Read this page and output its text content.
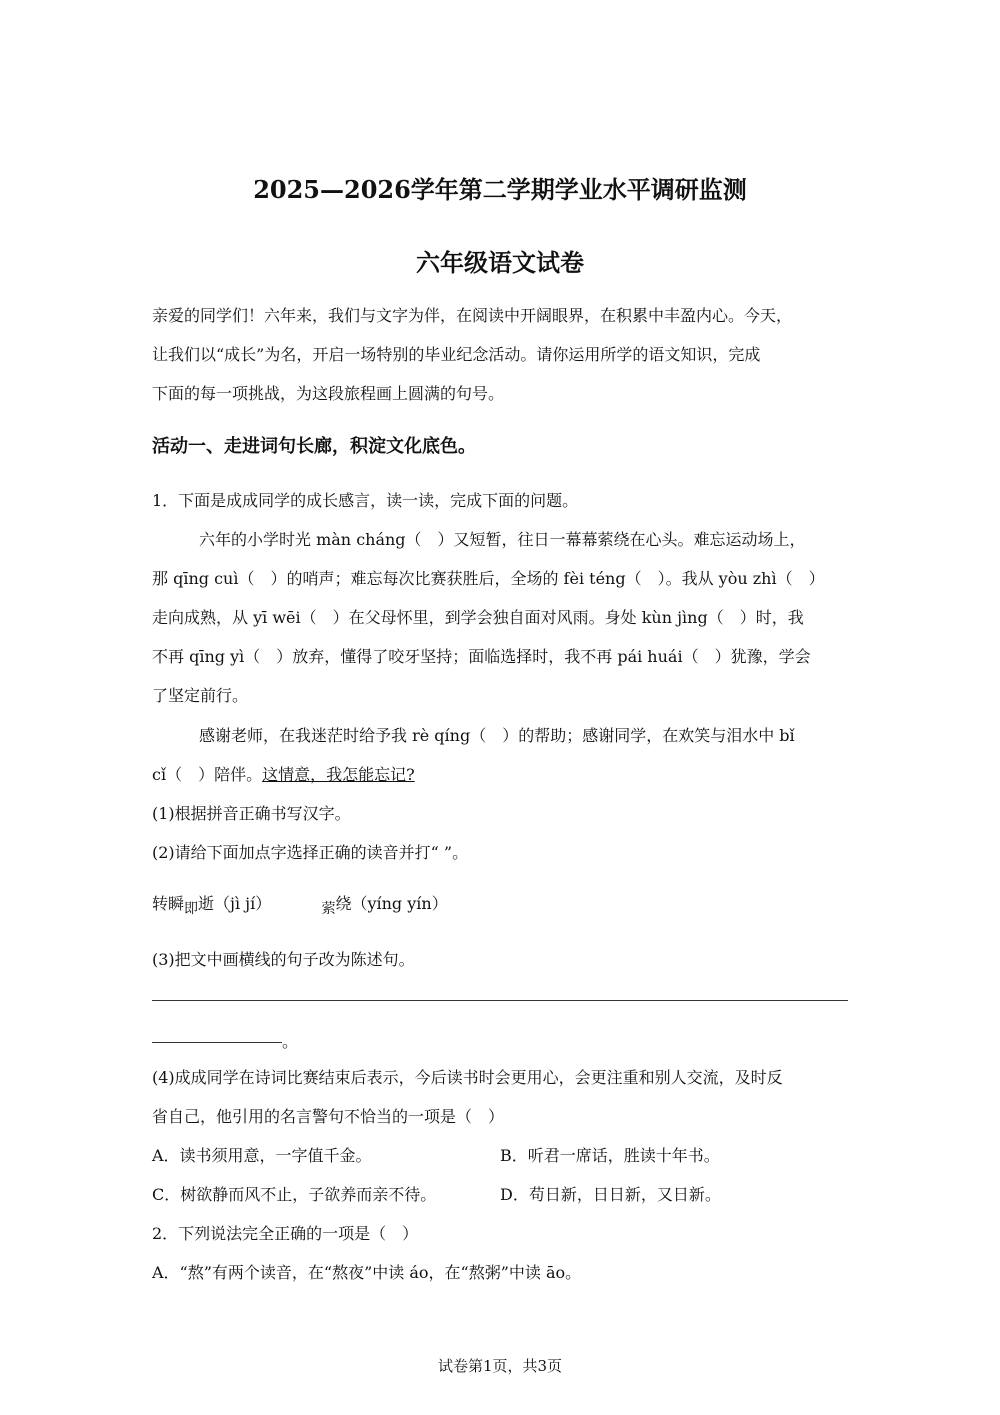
2025—2026学年第二学期学业水平调研监测
六年级语文试卷
亲爱的同学们！六年来，我们与文字为伴，在阅读中开阔眼界，在积累中丰盈内心。今天，
让我们以“成长”为名，开启一场特别的毕业纪念活动。请你运用所学的语文知识，完成
下面的每一项挑战，为这段旅程画上圆满的句号。
活动一、走进词句长廊，积淀文化底色。
1．下面是成成同学的成长感言，读一读，完成下面的问题。
六年的小学时光 màn cháng（　）又短暂，往日一幕幕萦绕在心头。难忘运动场上，
那 qīng cuì（　）的哨声；难忘每次比赛获胜后，全场的 fèi téng（　）。我从 yòu zhì（　）
走向成熟，从 yī wēi（　）在父母怀里，到学会独自面对风雨。身处 kùn jìng（　）时，我
不再 qīng yì（　）放弃，懂得了咬牙坚持；面临选择时，我不再 pái huái（　）犹豫，学会
了坚定前行。
感谢老师，在我迷茫时给予我 rè qíng（　）的帮助；感谢同学，在欢笑与泪水中 bǐ
cǐ（　）陪伴。这情意，我怎能忘记?
(1)根据拼音正确书写汉字。
(2)请给下面加点字选择正确的读音并打“ ”。
转瞬即逝（jì jí）	萦绕（yíng yín）
(3)把文中画横线的句子改为陈述句。
。
(4)成成同学在诗词比赛结束后表示，今后读书时会更用心，会更注重和别人交流，及时反
省自己，他引用的名言警句不恰当的一项是（　）
A．读书须用意，一字值千金。	B．听君一席话，胜读十年书。
C．树欲静而风不止，子欲养而亲不待。	D．苟日新，日日新，又日新。
2．下列说法完全正确的一项是（　）
A．“熬”有两个读音，在“熬夜”中读 áo，在“熬粥”中读 āo。
试卷第1页，共3页
